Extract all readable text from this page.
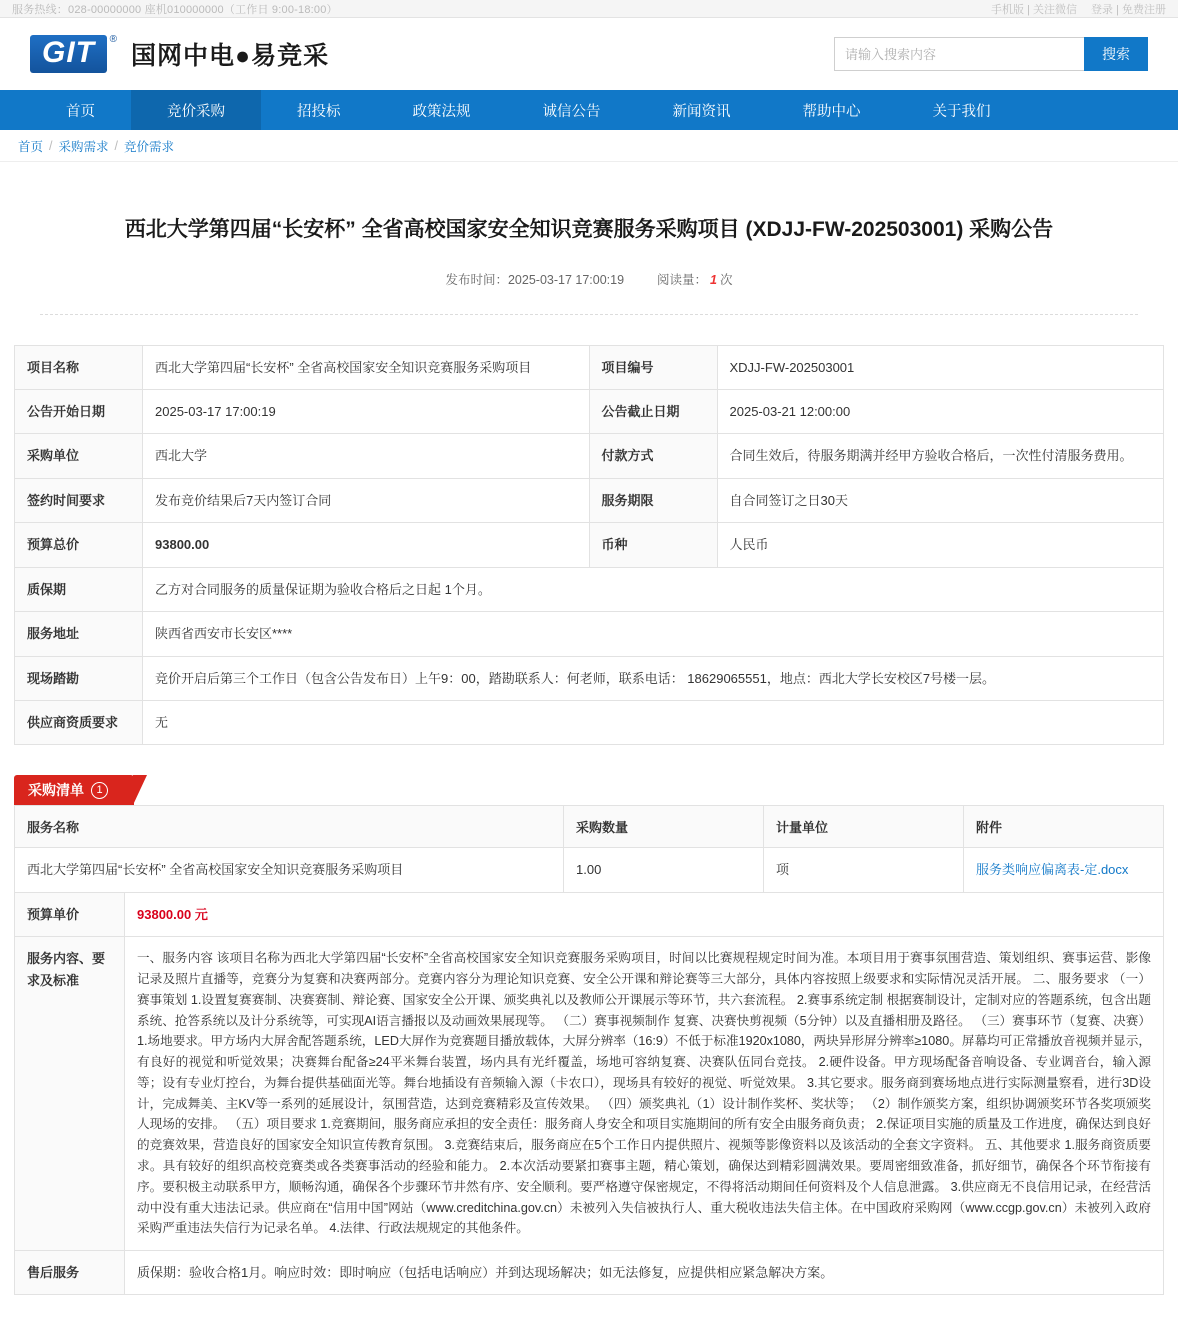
服务热线：028-00000000 座机010000000（工作日 9:00-18:00）	手机版 | 关注微信 登录 | 免费注册
GIT ®
国网中电●易竞采
请输入搜索内容	搜索
首页	竞价采购	招投标	政策法规	诚信公告	新闻资讯	帮助中心	关于我们
首页 / 采购需求 / 竞价需求
西北大学第四届“长安杯” 全省高校国家安全知识竞赛服务采购项目 (XDJJ-FW-202503001) 采购公告
发布时间：2025-03-17 17:00:19	阅读量： 1 次
项目名称	西北大学第四届“长安杯” 全省高校国家安全知识竞赛服务采购项目	项目编号	XDJJ-FW-202503001
公告开始日期	2025-03-17 17:00:19	公告截止日期	2025-03-21 12:00:00
采购单位	西北大学	付款方式	合同生效后，待服务期满并经甲方验收合格后，一次性付清服务费用。
签约时间要求	发布竞价结果后7天内签订合同	服务期限	自合同签订之日30天
预算总价	93800.00	币种	人民币
质保期	乙方对合同服务的质量保证期为验收合格后之日起 1个月。		
服务地址	陕西省西安市长安区****		
现场踏勘	竞价开启后第三个工作日（包含公告发布日）上午9：00，踏勘联系人：何老师，联系电话： 18629065551，地点：西北大学长安校区7号楼一层。		
供应商资质要求	无		
采购清单	1
服务名称		采购数量	计量单位	附件
西北大学第四届“长安杯” 全省高校国家安全知识竞赛服务采购项目		1.00	项	服务类响应偏离表-定.docx
预算单价	93800.00 元			
服务内容、要求及标准	一、服务内容 该项目名称为西北大学第四届“长安杯”全省高校国家安全知识竞赛服务采购项目，时间以比赛规程规定时间为准。本项目用于赛事氛围营造、策划组织、赛事运营、影像记录及照片直播等，竞赛分为复赛和决赛两部分。竞赛内容分为理论知识竞赛、安全公开课和辩论赛等三大部分，具体内容按照上级要求和实际情况灵活开展。 二、服务要求 （一）赛事策划 1.设置复赛赛制、决赛赛制、辩论赛、国家安全公开课、颁奖典礼以及教师公开课展示等环节，共六套流程。 2.赛事系统定制 根据赛制设计，定制对应的答题系统，包含出题系统、抢答系统以及计分系统等，可实现AI语言播报以及动画效果展现等。 （二）赛事视频制作 复赛、决赛快剪视频（5分钟）以及直播相册及路径。 （三）赛事环节（复赛、决赛）1.场地要求。甲方场内大屏舍配答题系统，LED大屏作为竞赛题目播放载体，大屏分辨率（16:9）不低于标准1920x1080，两块异形屏分辨率≥1080。屏幕均可正常播放音视频并显示，有良好的视觉和听觉效果；决赛舞台配备≥24平米舞台装置，场内具有光纤覆盖，场地可容纳复赛、决赛队伍同台竞技。 2.硬件设备。甲方现场配备音响设备、专业调音台，输入源等；设有专业灯控台，为舞台提供基础面光等。舞台地插设有音频输入源（卡农口），现场具有较好的视觉、听觉效果。 3.其它要求。服务商到赛场地点进行实际测量察看，进行3D设计，完成舞美、主KV等一系列的延展设计，氛围营造，达到竞赛精彩及宣传效果。 （四）颁奖典礼（1）设计制作奖杯、奖状等； （2）制作颁奖方案，组织协调颁奖环节各奖项颁奖人现场的安排。 （五）项目要求 1.竞赛期间，服务商应承担的安全责任：服务商人身安全和项目实施期间的所有安全由服务商负责； 2.保证项目实施的质量及工作进度，确保达到良好的竞赛效果，营造良好的国家安全知识宣传教育氛围。 3.竞赛结束后，服务商应在5个工作日内提供照片、视频等影像资料以及该活动的全套文字资料。 五、其他要求 1.服务商资质要求。具有较好的组织高校竞赛类或各类赛事活动的经验和能力。 2.本次活动要紧扣赛事主题，精心策划，确保达到精彩圆满效果。要周密细致准备，抓好细节，确保各个环节衔接有序。要积极主动联系甲方，顺畅沟通，确保各个步骤环节井然有序、安全顺利。要严格遵守保密规定，不得将活动期间任何资料及个人信息泄露。 3.供应商无不良信用记录，在经营活动中没有重大违法记录。供应商在“信用中国”网站（www.creditchina.gov.cn）未被列入失信被执行人、重大税收违法失信主体。在中国政府采购网（www.ccgp.gov.cn）未被列入政府采购严重违法失信行为记录名单。 4.法律、行政法规规定的其他条件。			
售后服务	质保期：验收合格1月。响应时效：即时响应（包括电话响应）并到达现场解决；如无法修复，应提供相应紧急解决方案。			
